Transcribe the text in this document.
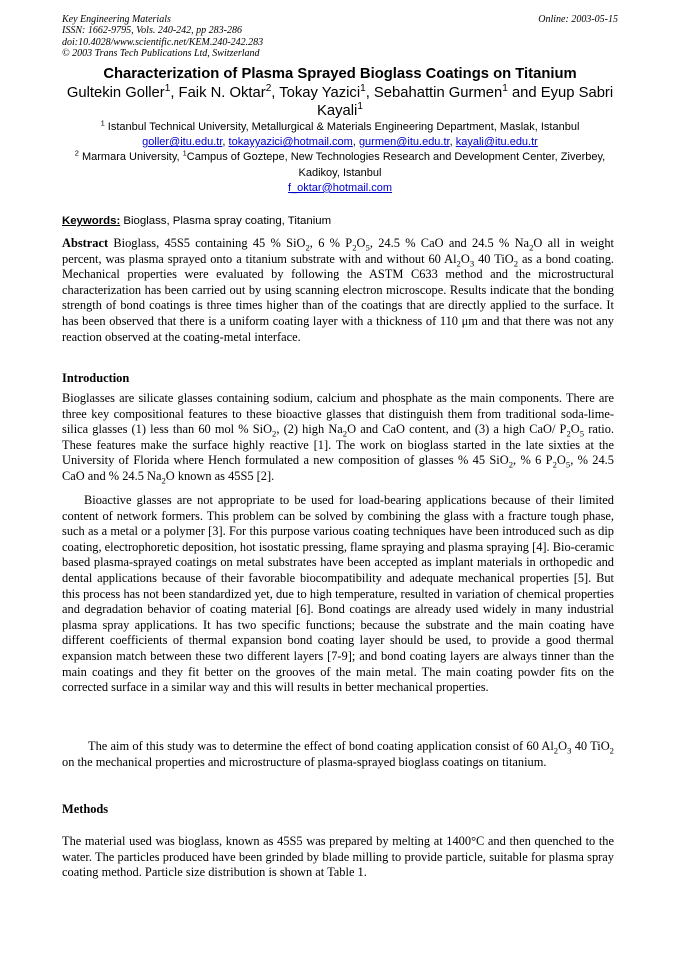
Key Engineering Materials
ISSN: 1662-9795, Vols. 240-242, pp 283-286
doi:10.4028/www.scientific.net/KEM.240-242.283
© 2003 Trans Tech Publications Ltd, Switzerland
Online: 2003-05-15
Characterization of Plasma Sprayed Bioglass Coatings on Titanium
Gultekin Goller$^1$, Faik N. Oktar$^2$, Tokay Yazici$^1$, Sebahattin Gurmen$^1$ and Eyup Sabri Kayali$^1$
$^1$ Istanbul Technical University, Metallurgical & Materials Engineering Department, Maslak, Istanbul
goller@itu.edu.tr, tokayyazici@hotmail.com, gurmen@itu.edu.tr, kayali@itu.edu.tr
$^2$ Marmara University, $^1$Campus of Goztepe, New Technologies Research and Development Center, Ziverbey, Kadikoy, Istanbul
f_oktar@hotmail.com
Keywords: Bioglass, Plasma spray coating, Titanium
Abstract Bioglass, 45S5 containing 45 % SiO$_2$, 6 % $P_2O_5$, 24.5 % CaO and 24.5 % $Na_2O$ all in weight percent, was plasma sprayed onto a titanium substrate with and without 60 $Al_2O_3$ 40 TiO$_2$ as a bond coating. Mechanical properties were evaluated by following the ASTM C633 method and the microstructural characterization has been carried out by using scanning electron microscope. Results indicate that the bonding strength of bond coatings is three times higher than of the coatings that are directly applied to the surface. It has been observed that there is a uniform coating layer with a thickness of 110 μm and that there was not any reaction observed at the coating-metal interface.
Introduction
Bioglasses are silicate glasses containing sodium, calcium and phosphate as the main components. There are three key compositional features to these bioactive glasses that distinguish them from traditional soda-lime-silica glasses (1) less than 60 mol % SiO$_2$, (2) high $Na_2O$ and CaO content, and (3) a high CaO/ $P_2O_5$ ratio. These features make the surface highly reactive [1]. The work on bioglass started in the late sixties at the University of Florida where Hench formulated a new composition of glasses % 45 SiO$_2$, % 6 $P_2O_5$, % 24.5 CaO and % 24.5 $Na_2O$ known as 45S5 [2].
Bioactive glasses are not appropriate to be used for load-bearing applications because of their limited content of network formers. This problem can be solved by combining the glass with a fracture tough phase, such as a metal or a polymer [3]. For this purpose various coating techniques have been introduced such as dip coating, electrophoretic deposition, hot isostatic pressing, flame spraying and plasma spraying [4]. Bio-ceramic based plasma-sprayed coatings on metal substrates have been accepted as implant materials in orthopedic and dental applications because of their favorable biocompatibility and adequate mechanical properties [5]. But this process has not been standardized yet, due to high temperature, resulted in variation of chemical properties and degradation behavior of coating material [6]. Bond coatings are already used widely in many industrial plasma spray applications. It has two specific functions; because the substrate and the main coating have different coefficients of thermal expansion bond coating layer should be used, to provide a good thermal expansion match between these two different layers [7-9]; and bond coating layers are always tinner than the main coatings and they fit better on the grooves of the main metal. The main coating powder fits on the corrected surface in a similar way and this will results in better mechanical properties.
The aim of this study was to determine the effect of bond coating application consist of 60 $Al_2O_3$ 40 TiO$_2$ on the mechanical properties and microstructure of plasma-sprayed bioglass coatings on titanium.
Methods
The material used was bioglass, known as 45S5 was prepared by melting at 1400°C and then quenched to the water. The particles produced have been grinded by blade milling to provide particle, suitable for plasma spray coating method. Particle size distribution is shown at Table 1.
